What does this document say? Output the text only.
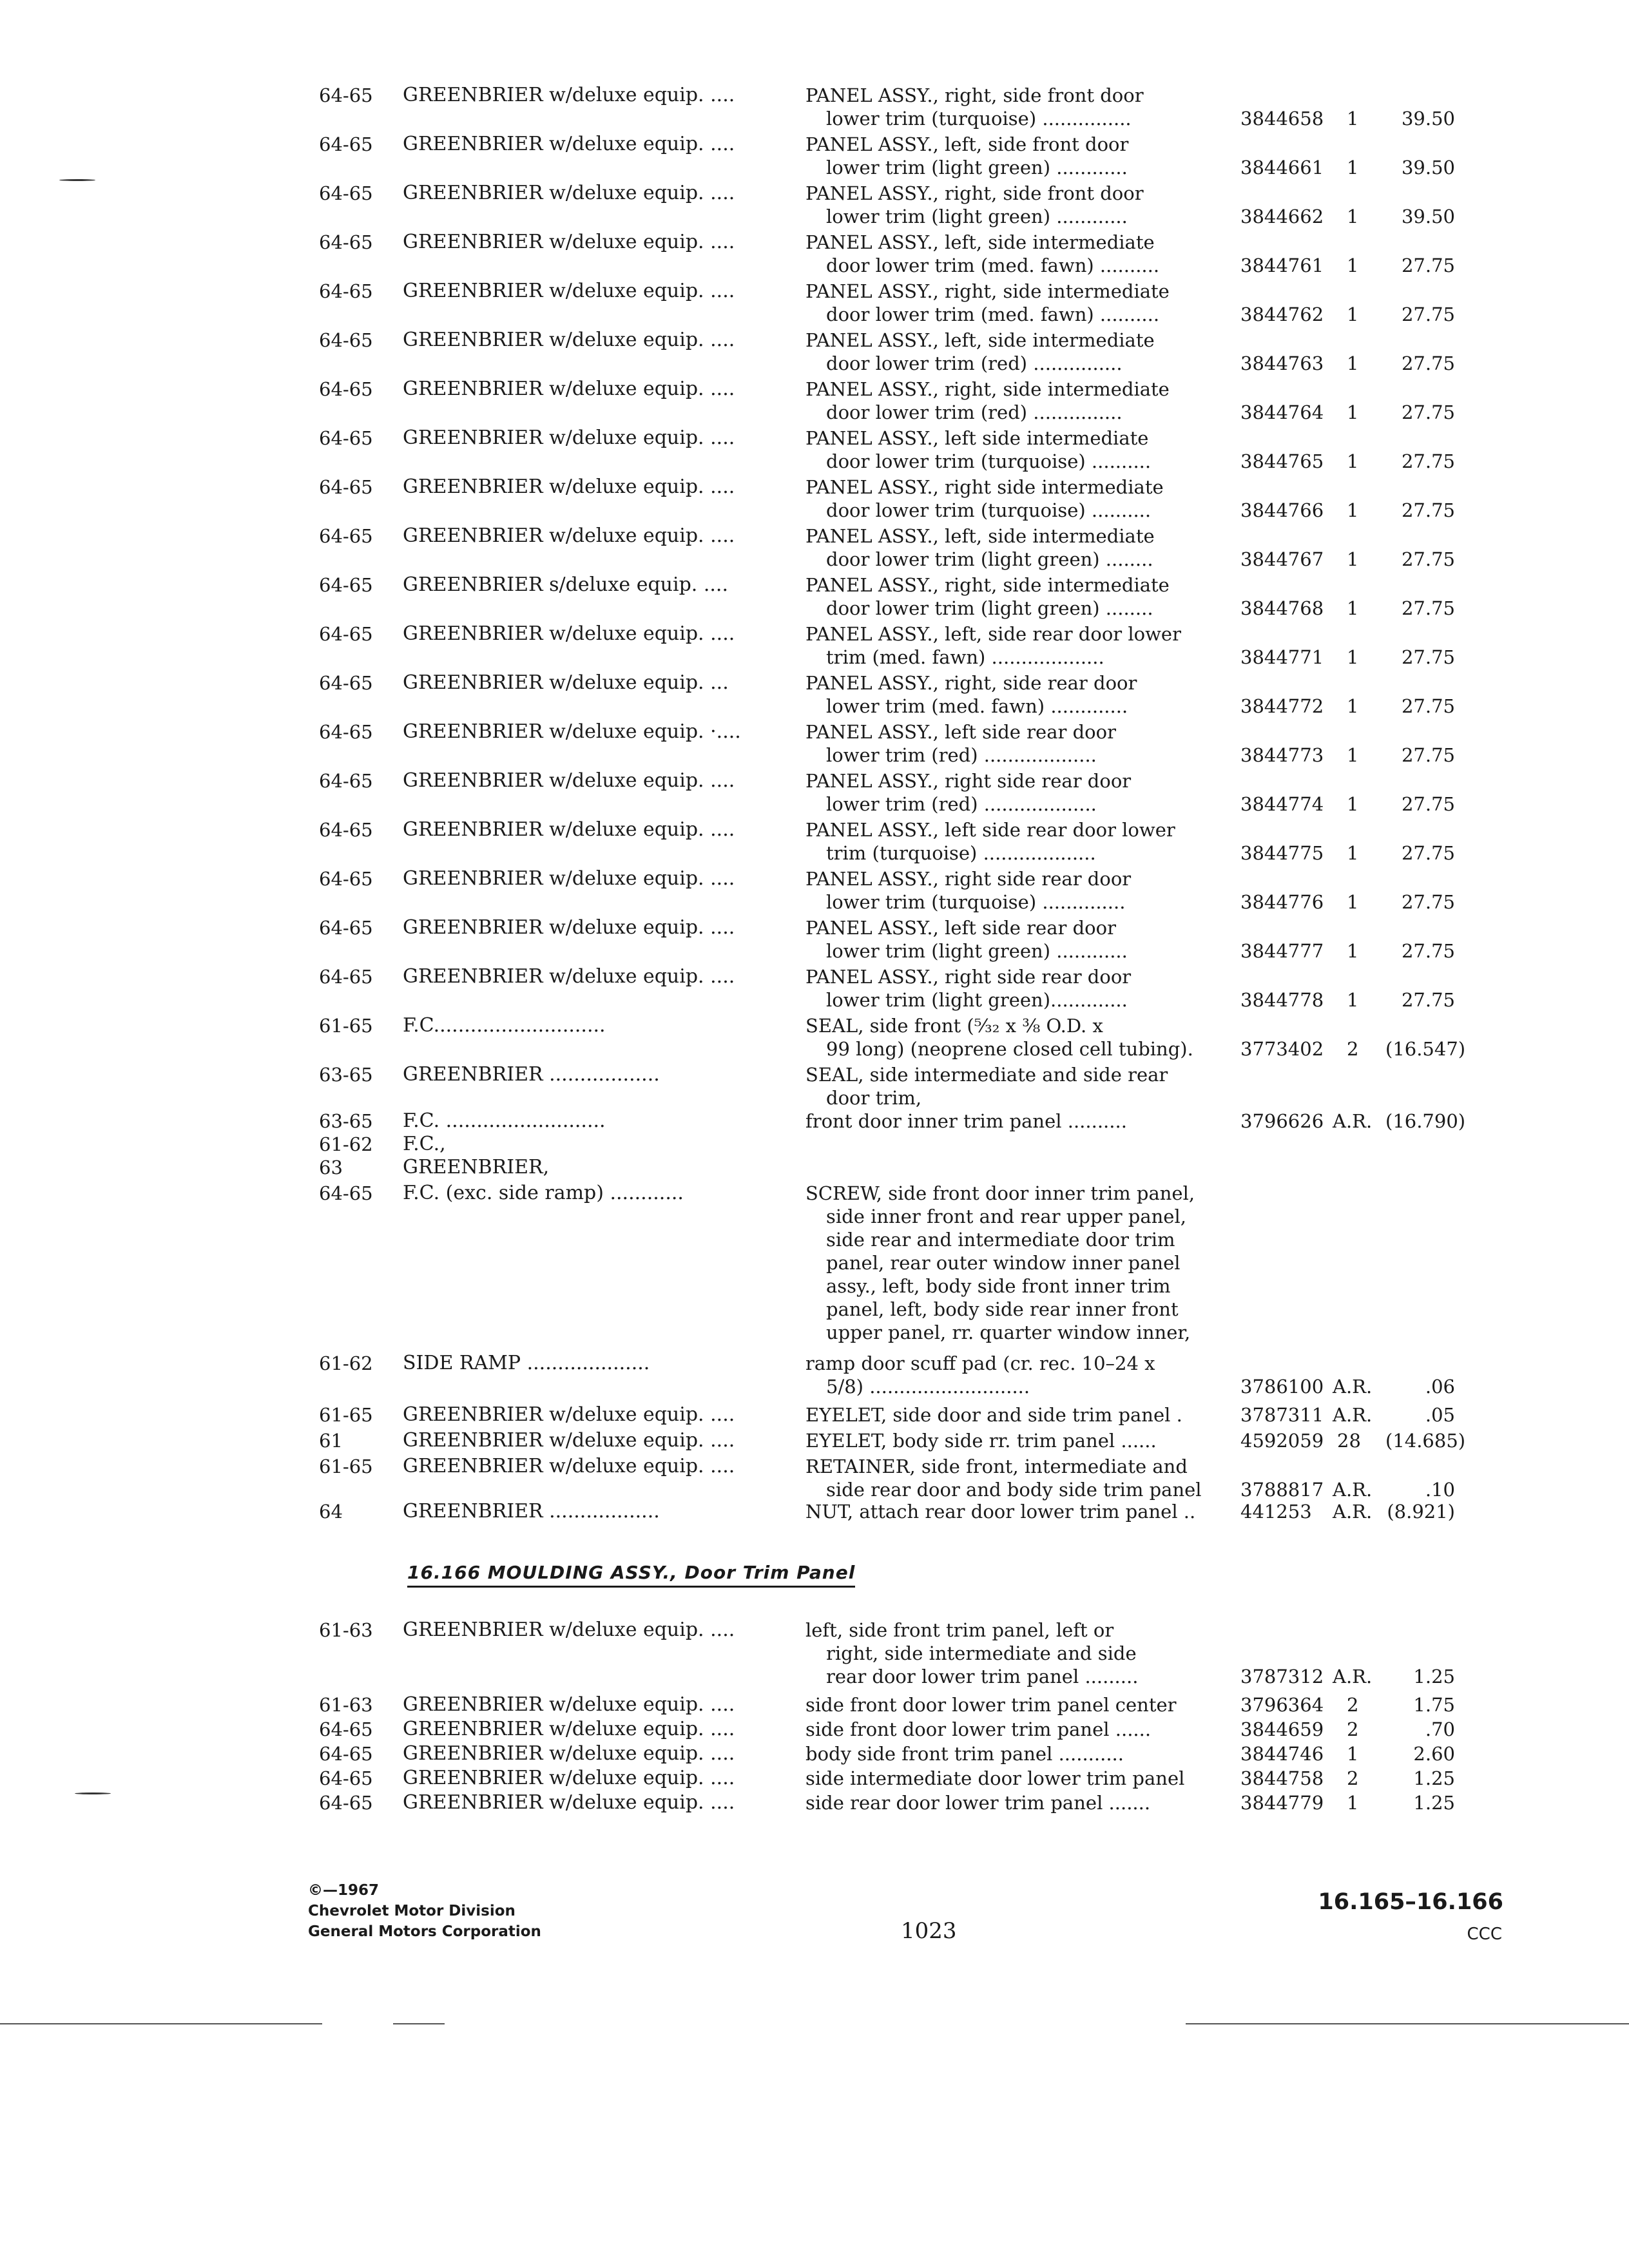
64-65 GREENBRIER w/deluxe equip. ....	PANEL ASSY., right, side front door
lower trim (turquoise) ...............	3844658 1	39.50
64-65 GREENBRIER w/deluxe equip. ....	PANEL ASSY., left, side front door
lower trim (light green) ............	3844661 1	39.50
64-65 GREENBRIER w/deluxe equip. ....	PANEL ASSY., right, side front door
lower trim (light green) ............	3844662 1	39.50
64-65 GREENBRIER w/deluxe equip. ....	PANEL ASSY., left, side intermediate
door lower trim (med. fawn) ..........	3844761 1	27.75
64-65 GREENBRIER w/deluxe equip. ....	PANEL ASSY., right, side intermediate
door lower trim (med. fawn) ..........	3844762 1	27.75
64-65 GREENBRIER w/deluxe equip. ....	PANEL ASSY., left, side intermediate
door lower trim (red) ...............	3844763 1	27.75
64-65 GREENBRIER w/deluxe equip. ....	PANEL ASSY., right, side intermediate
door lower trim (red) ...............	3844764 1	27.75
64-65 GREENBRIER w/deluxe equip. ....	PANEL ASSY., left side intermediate
door lower trim (turquoise) ..........	3844765 1	27.75
64-65 GREENBRIER w/deluxe equip. ....	PANEL ASSY., right side intermediate
door lower trim (turquoise) ..........	3844766 1	27.75
64-65 GREENBRIER w/deluxe equip. ....	PANEL ASSY., left, side intermediate
door lower trim (light green) ........	3844767 1	27.75
64-65 GREENBRIER s/deluxe equip. ....	PANEL ASSY., right, side intermediate
door lower trim (light green) ........	3844768 1	27.75
64-65 GREENBRIER w/deluxe equip. ....	PANEL ASSY., left, side rear door lower
trim (med. fawn) ...................	3844771 1	27.75
64-65 GREENBRIER w/deluxe equip. ...	PANEL ASSY., right, side rear door
lower trim (med. fawn) .............	3844772 1	27.75
64-65 GREENBRIER w/deluxe equip. ·....	PANEL ASSY., left side rear door
lower trim (red) ...................	3844773 1	27.75
64-65 GREENBRIER w/deluxe equip. ....	PANEL ASSY., right side rear door
lower trim (red) ...................	3844774 1	27.75
64-65 GREENBRIER w/deluxe equip. ....	PANEL ASSY., left side rear door lower
trim (turquoise) ...................	3844775 1	27.75
64-65 GREENBRIER w/deluxe equip. ....	PANEL ASSY., right side rear door
lower trim (turquoise) ..............	3844776 1	27.75
64-65 GREENBRIER w/deluxe equip. ....	PANEL ASSY., left side rear door
lower trim (light green) ............	3844777 1	27.75
64-65 GREENBRIER w/deluxe equip. ....	PANEL ASSY., right side rear door
lower trim (light green).............	3844778 1	27.75
61-65 F.C............................	SEAL, side front (⁵⁄₃₂ x ⅜ O.D. x
99 long) (neoprene closed cell tubing).	3773402 2 (16.547)
63-65 GREENBRIER ..................	SEAL, side intermediate and side rear
door trim,
63-65 F.C. ..........................	front door inner trim panel ..........	3796626 A.R. (16.790)
61-62 F.C.,
63	GREENBRIER,
64-65 F.C. (exc. side ramp) ............	SCREW, side front door inner trim panel,
side inner front and rear upper panel,
side rear and intermediate door trim
panel, rear outer window inner panel
assy., left, body side front inner trim
panel, left, body side rear inner front
upper panel, rr. quarter window inner,
61-62 SIDE RAMP ....................	ramp door scuff pad (cr. rec. 10–24 x
5/8) ...........................	3786100 A.R.	.06
61-65 GREENBRIER w/deluxe equip. ....	EYELET, side door and side trim panel .	3787311 A.R.	.05
61	GREENBRIER w/deluxe equip. ....	EYELET, body side rr. trim panel ......	4592059 28 (14.685)
61-65 GREENBRIER w/deluxe equip. ....	RETAINER, side front, intermediate and
side rear door and body side trim panel	3788817 A.R.	.10
64	GREENBRIER ..................	NUT, attach rear door lower trim panel ..	441253 A.R. (8.921)
16.166 MOULDING ASSY., Door Trim Panel
61-63 GREENBRIER w/deluxe equip. ....	left, side front trim panel, left or
right, side intermediate and side
rear door lower trim panel .........	3787312 A.R.	1.25
61-63 GREENBRIER w/deluxe equip. ....	side front door lower trim panel center	3796364 2	1.75
64-65 GREENBRIER w/deluxe equip. ....	side front door lower trim panel ......	3844659 2	.70
64-65 GREENBRIER w/deluxe equip. ....	body side front trim panel ...........	3844746 1	2.60
64-65 GREENBRIER w/deluxe equip. ....	side intermediate door lower trim panel	3844758 2	1.25
64-65 GREENBRIER w/deluxe equip. ....	side rear door lower trim panel .......	3844779 1	1.25
©—1967
Chevrolet Motor Division
General Motors Corporation	1023
16.165–16.166
CCC
